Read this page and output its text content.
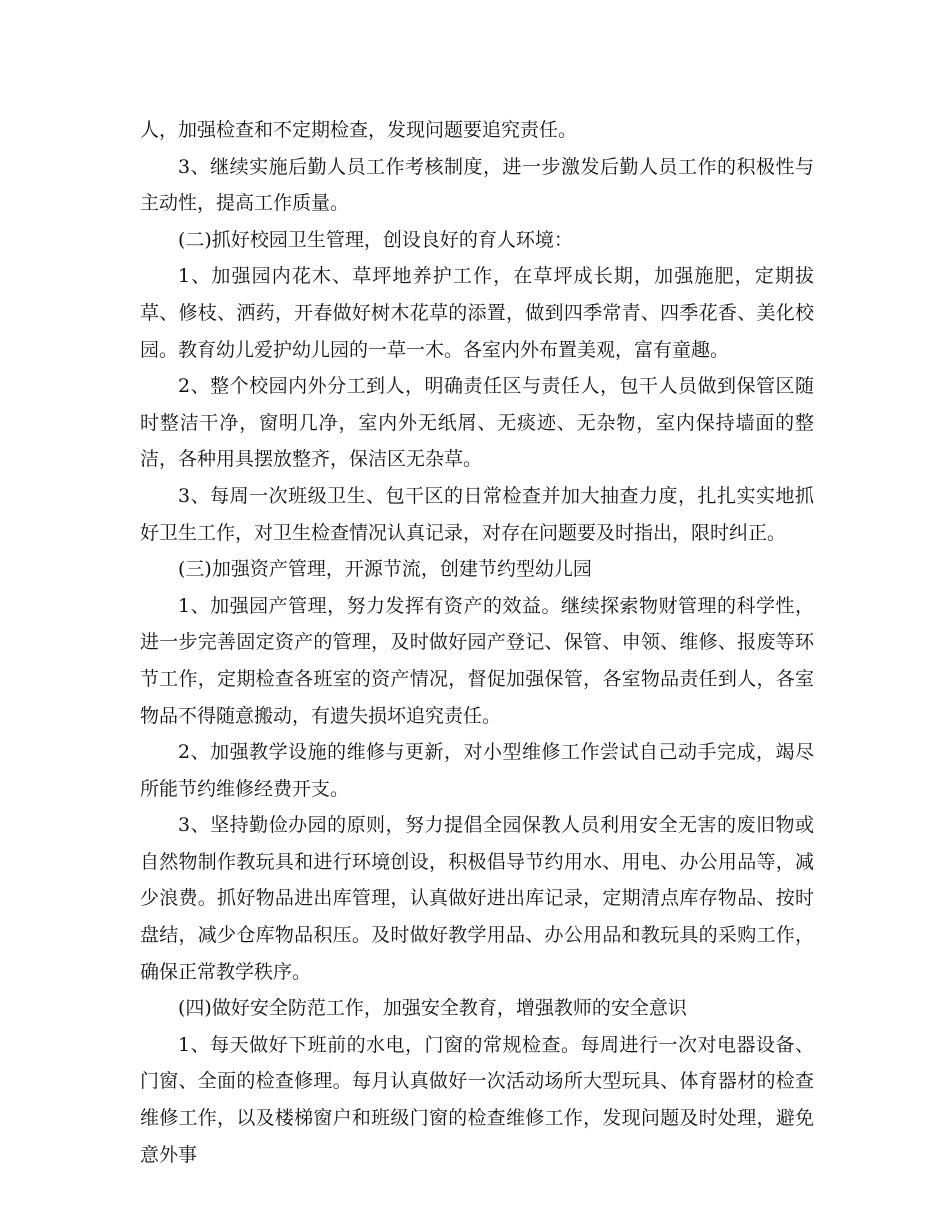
人，加强检查和不定期检查，发现问题要追究责任。

3、继续实施后勤人员工作考核制度，进一步激发后勤人员工作的积极性与主动性，提高工作质量。

(二)抓好校园卫生管理，创设良好的育人环境：

1、加强园内花木、草坪地养护工作，在草坪成长期，加强施肥，定期拔草、修枝、洒药，开春做好树木花草的添置，做到四季常青、四季花香、美化校园。教育幼儿爱护幼儿园的一草一木。各室内外布置美观，富有童趣。

2、整个校园内外分工到人，明确责任区与责任人，包干人员做到保管区随时整洁干净，窗明几净，室内外无纸屑、无痰迹、无杂物，室内保持墙面的整洁，各种用具摆放整齐，保洁区无杂草。

3、每周一次班级卫生、包干区的日常检查并加大抽查力度，扎扎实实地抓好卫生工作，对卫生检查情况认真记录，对存在问题要及时指出，限时纠正。

(三)加强资产管理，开源节流，创建节约型幼儿园

1、加强园产管理，努力发挥有资产的效益。继续探索物财管理的科学性，进一步完善固定资产的管理，及时做好园产登记、保管、申领、维修、报废等环节工作，定期检查各班室的资产情况，督促加强保管，各室物品责任到人，各室物品不得随意搬动，有遗失损坏追究责任。

2、加强教学设施的维修与更新，对小型维修工作尝试自己动手完成，竭尽所能节约维修经费开支。

3、坚持勤俭办园的原则，努力提倡全园保教人员利用安全无害的废旧物或自然物制作教玩具和进行环境创设，积极倡导节约用水、用电、办公用品等，减少浪费。抓好物品进出库管理，认真做好进出库记录，定期清点库存物品、按时盘结，减少仓库物品积压。及时做好教学用品、办公用品和教玩具的采购工作，确保正常教学秩序。

(四)做好安全防范工作，加强安全教育，增强教师的安全意识

1、每天做好下班前的水电，门窗的常规检查。每周进行一次对电器设备、门窗、全面的检查修理。每月认真做好一次活动场所大型玩具、体育器材的检查维修工作，以及楼梯窗户和班级门窗的检查维修工作，发现问题及时处理，避免意外事
